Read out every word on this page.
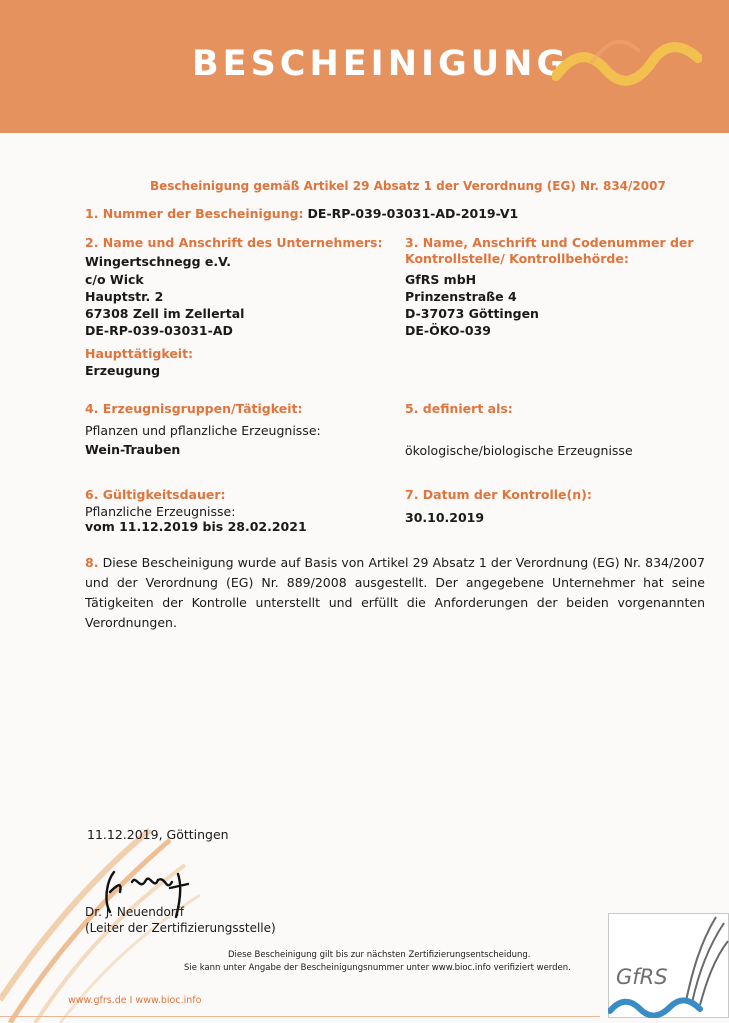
BESCHEINIGUNG
Bescheinigung gemäß Artikel 29 Absatz 1 der Verordnung (EG) Nr. 834/2007
1. Nummer der Bescheinigung: DE-RP-039-03031-AD-2019-V1
2. Name und Anschrift des Unternehmers:
Wingertschnegg e.V.
c/o Wick
Hauptstr. 2
67308 Zell im Zellertal
DE-RP-039-03031-AD
3. Name, Anschrift und Codenummer der
Kontrollstelle/ Kontrollbehörde:
GfRS mbH
Prinzenstraße 4
D-37073 Göttingen
DE-ÖKO-039
Haupttätigkeit:
Erzeugung
4. Erzeugnisgruppen/Tätigkeit:
Pflanzen und pflanzliche Erzeugnisse:
Wein-Trauben
5. definiert als:
ökologische/biologische Erzeugnisse
6. Gültigkeitsdauer:
Pflanzliche Erzeugnisse:
vom 11.12.2019 bis 28.02.2021
7. Datum der Kontrolle(n):
30.10.2019
8. Diese Bescheinigung wurde auf Basis von Artikel 29 Absatz 1 der Verordnung (EG) Nr. 834/2007 und der Verordnung (EG) Nr. 889/2008 ausgestellt. Der angegebene Unternehmer hat seine Tätigkeiten der Kontrolle unterstellt und erfüllt die Anforderungen der beiden vorgenannten Verordnungen.
11.12.2019, Göttingen
Dr. J. Neuendorff
(Leiter der Zertifizierungsstelle)
Diese Bescheinigung gilt bis zur nächsten Zertifizierungsentscheidung.
Sie kann unter Angabe der Bescheinigungsnummer unter www.bioc.info verifiziert werden.
www.gfrs.de I www.bioc.info
GfRS
